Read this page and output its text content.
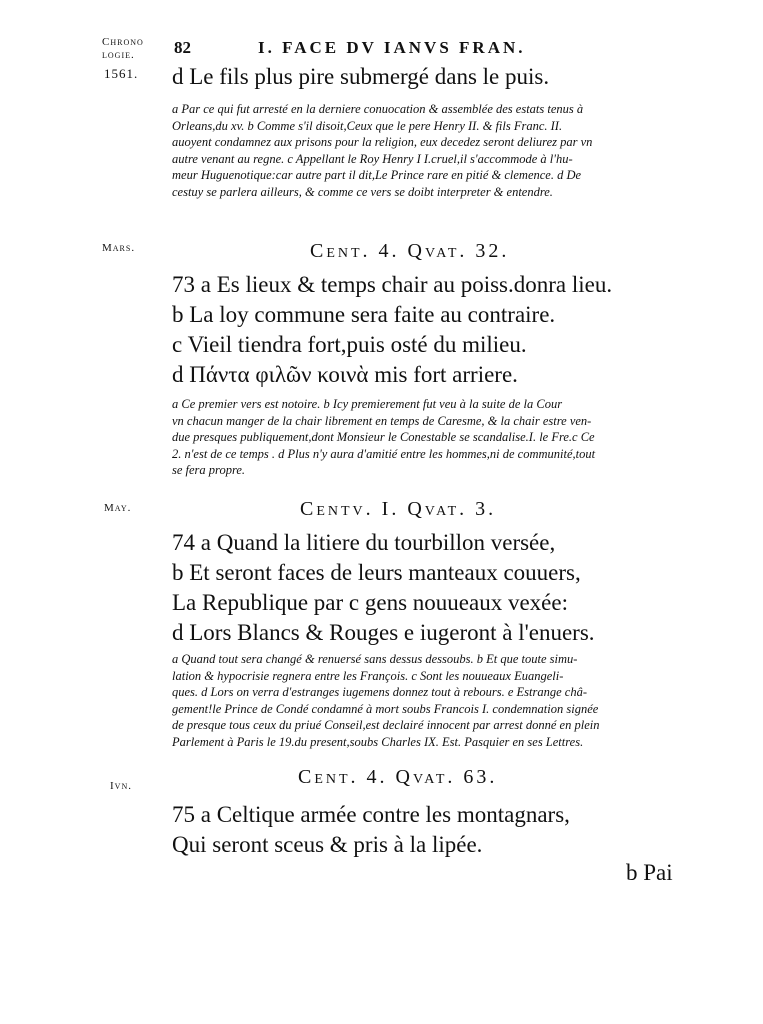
Chrono
logie.	82	I. FACE DV IANVS FRAN.
1561. d Le fils plus pire submergé dans le puis.
a Par ce qui fut arresté en la derniere conuocation & assemblée des estats tenus à
Orleans,du xv. b Comme s'il disoit,Ceux que le pere Henry II. & fils Franc. II.
auoyent condamnez aux prisons pour la religion, eux decedez seront deliurez par vn
autre venant au regne. c Appellant le Roy Henry I I.cruel,il s'accommode à l'hu-
meur Huguenotique:car autre part il dit,Le Prince rare en pitié & clemence. d De
cestuy se parlera ailleurs, & comme ce vers se doibt interpreter & entendre.
Mars.	Cent. 4. Qvat. 32.
73 a Es lieux & temps chair au poiss.donra lieu.
b La loy commune sera faite au contraire.
c Vieil tiendra fort,puis osté du milieu.
d Πάντα φιλῶν κοινὰ mis fort arriere.
a Ce premier vers est notoire. b Icy premierement fut veu à la suite de la Cour
vn chacun manger de la chair librement en temps de Caresme, & la chair estre ven-
due presques publiquement,dont Monsieur le Conestable se scandalise.I. le Fre.c Ce
2. n'est de ce temps . d Plus n'y aura d'amitié entre les hommes,ni de communité,tout
se fera propre.
May.	Centv. I. Qvat. 3.
74 a Quand la litiere du tourbillon versée,
b Et seront faces de leurs manteaux couuers,
La Republique par c gens nouueaux vexée:
d Lors Blancs & Rouges e iugeront à l'enuers.
a Quand tout sera changé & renuersé sans dessus dessoubs. b Et que toute simu-
lation & hypocrisie regnera entre les François. c Sont les nouueaux Euangeli-
ques. d Lors on verra d'estranges iugemens donnez tout à rebours. e Estrange châ-
gement!le Prince de Condé condamné à mort soubs Francois I. condemnation signée
de presque tous ceux du priué Conseil,est declairé innocent par arrest donné en plein
Parlement à Paris le 19.du present,soubs Charles IX. Est. Pasquier en ses Lettres.
Ivn.	Cent. 4. Qvat. 63.
75 a Celtique armée contre les montagnars,
Qui seront sceus & pris à la lipée.
b Pai
